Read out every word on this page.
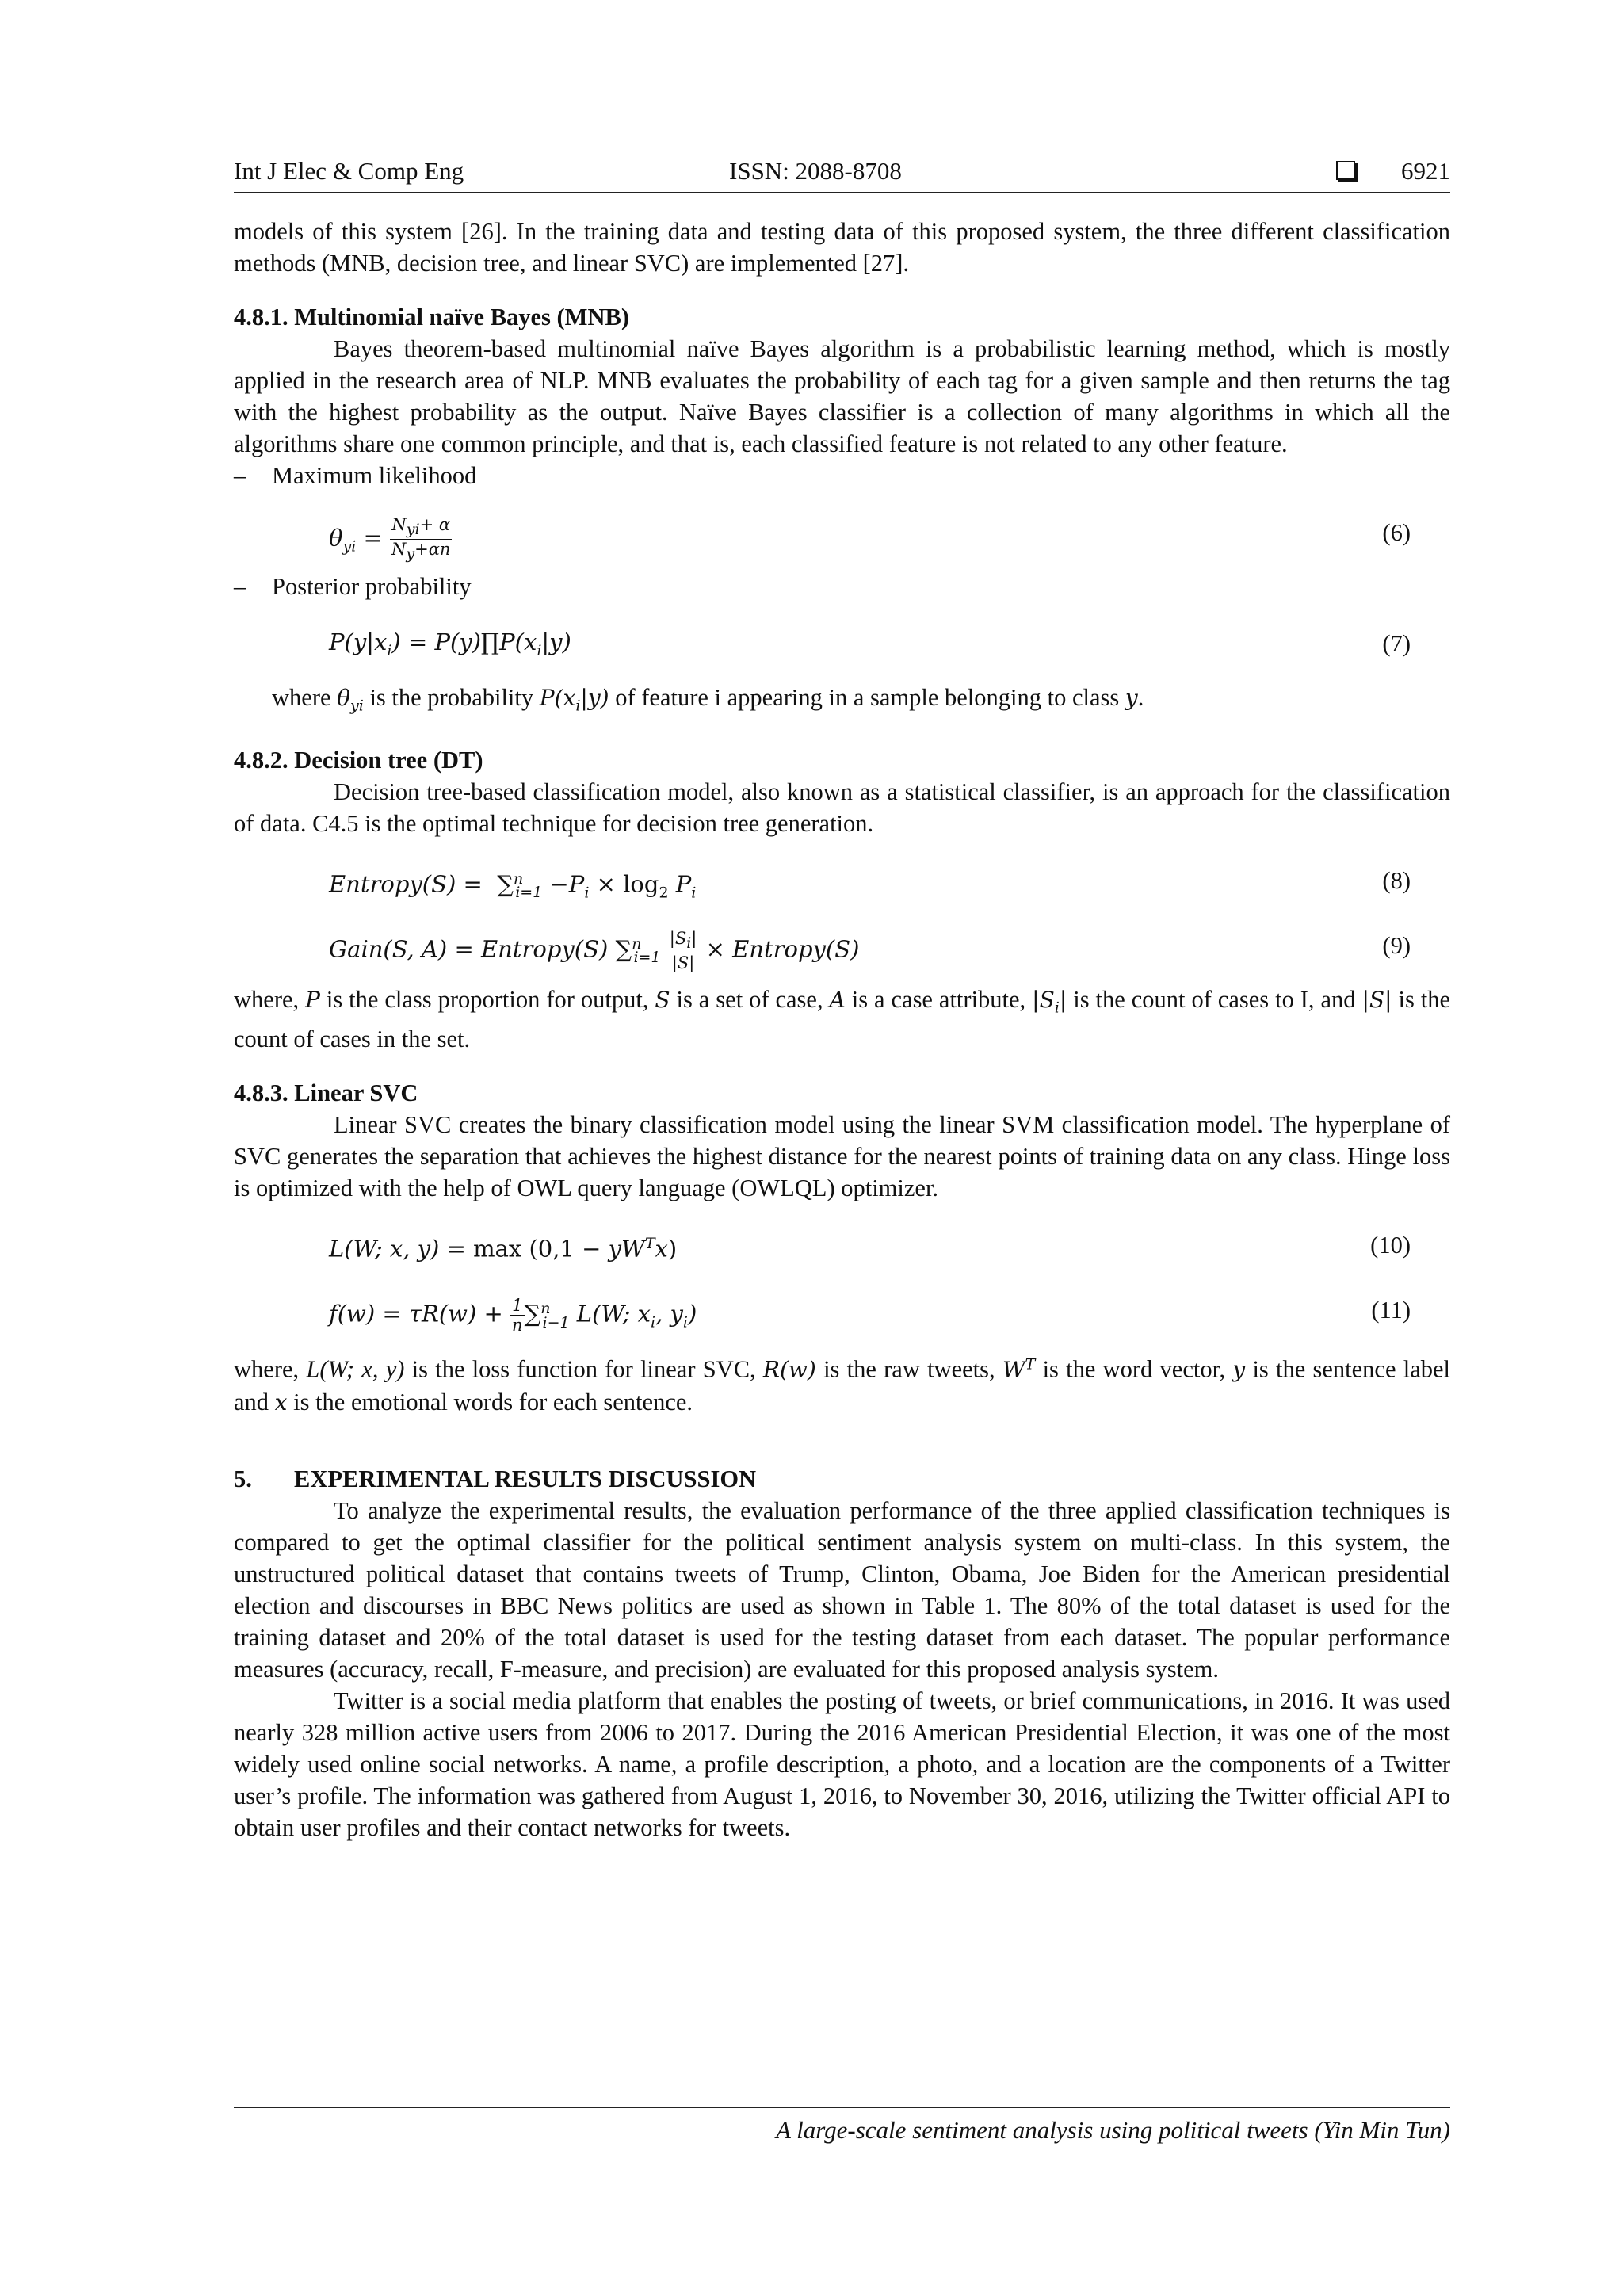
Int J Elec & Comp Eng	ISSN: 2088-8708	6921

models of this system [26]. In the training data and testing data of this proposed system, the three different classification methods (MNB, decision tree, and linear SVC) are implemented [27].

4.8.1. Multinomial naïve Bayes (MNB)

Bayes theorem-based multinomial naïve Bayes algorithm is a probabilistic learning method, which is mostly applied in the research area of NLP. MNB evaluates the probability of each tag for a given sample and then returns the tag with the highest probability as the output. Naïve Bayes classifier is a collection of many algorithms in which all the algorithms share one common principle, and that is, each classified feature is not related to any other feature.

– Maximum likelihood

$\theta_{yi} = \frac{N_{yi}+ \alpha}{N_y+\alpha n}$	(6)

– Posterior probability

$P(y|x_i)$ = $P(y)\prod P(x_i|y)$	(7)

where $\theta_{yi}$ is the probability $P(x_i|y)$ of feature i appearing in a sample belonging to class y.

4.8.2. Decision tree (DT)

Decision tree-based classification model, also known as a statistical classifier, is an approach for the classification of data. C4.5 is the optimal technique for decision tree generation.

Entropy(S) = $\sum^n_{i=1} -P_i \times \log_2 P_i$	(8)
Gain(S, A) = Entropy(S) $\sum^n_{i=1} \frac{|S_i|}{|S|}$ × Entropy(S)	(9)

where, P is the class proportion for output, S is a set of case, A is a case attribute, $|S_i|$ is the count of cases to I, and |S| is the count of cases in the set.

4.8.3. Linear SVC

Linear SVC creates the binary classification model using the linear SVM classification model. The hyperplane of SVC generates the separation that achieves the highest distance for the nearest points of training data on any class. Hinge loss is optimized with the help of OWL query language (OWLQL) optimizer.

L(W; x, $y) = \max (0,1 - yW^Tx)$	(10)
$f(w) = \tau R(w) + \frac{1}{n} \sum^n_{i-1}$ L(W; $x_i$, $y_i$)	(11)

where, L(W; x, y) is the loss function for linear SVC, R(w) is the raw tweets, $W^T$ is the word vector, y is the sentence label and x is the emotional words for each sentence.

5. EXPERIMENTAL RESULTS DISCUSSION

To analyze the experimental results, the evaluation performance of the three applied classification techniques is compared to get the optimal classifier for the political sentiment analysis system on multi-class. In this system, the unstructured political dataset that contains tweets of Trump, Clinton, Obama, Joe Biden for the American presidential election and discourses in BBC News politics are used as shown in Table 1. The 80% of the total dataset is used for the training dataset and 20% of the total dataset is used for the testing dataset from each dataset. The popular performance measures (accuracy, recall, F-measure, and precision) are evaluated for this proposed analysis system.

Twitter is a social media platform that enables the posting of tweets, or brief communications, in 2016. It was used nearly 328 million active users from 2006 to 2017. During the 2016 American Presidential Election, it was one of the most widely used online social networks. A name, a profile description, a photo, and a location are the components of a Twitter user’s profile. The information was gathered from August 1, 2016, to November 30, 2016, utilizing the Twitter official API to obtain user profiles and their contact networks for tweets.

A large-scale sentiment analysis using political tweets (Yin Min Tun)
